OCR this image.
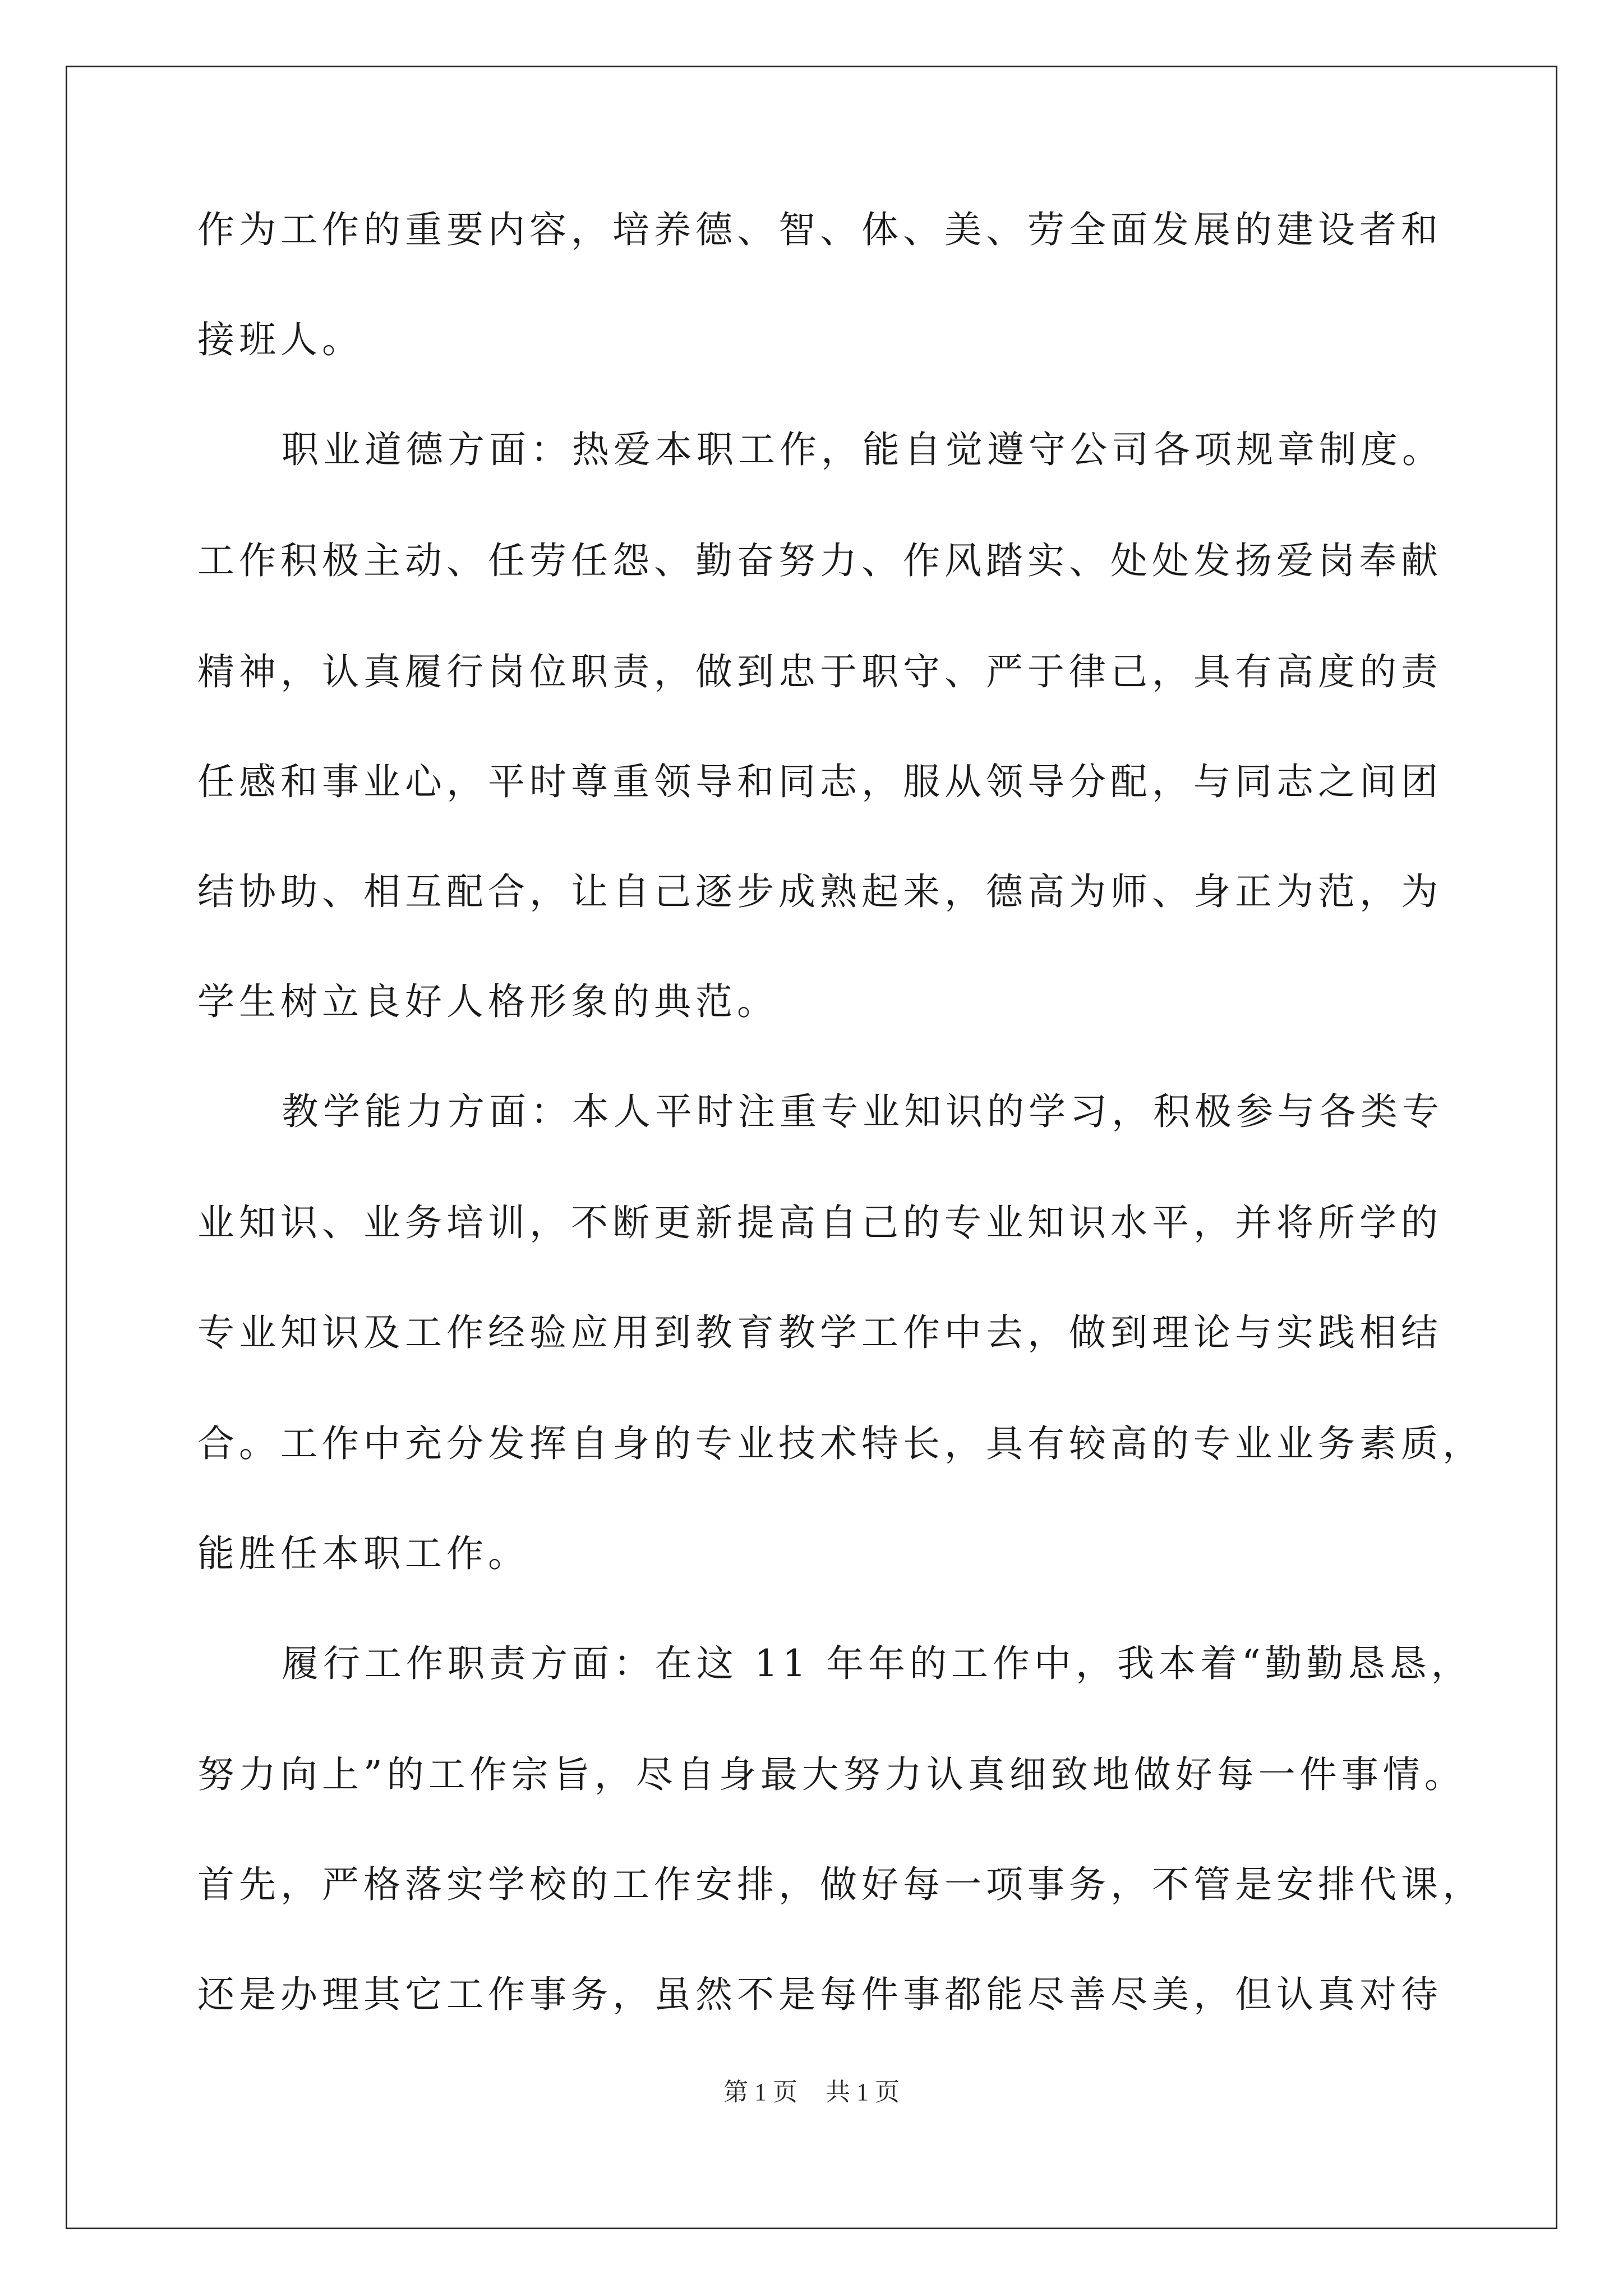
作为工作的重要内容，培养德、智、体、美、劳全面发展的建设者和
接班人。
职业道德方面：热爱本职工作，能自觉遵守公司各项规章制度。
工作积极主动、任劳任怨、勤奋努力、作风踏实、处处发扬爱岗奉献
精神，认真履行岗位职责，做到忠于职守、严于律己，具有高度的责
任感和事业心，平时尊重领导和同志，服从领导分配，与同志之间团
结协助、相互配合，让自己逐步成熟起来，德高为师、身正为范，为
学生树立良好人格形象的典范。
教学能力方面：本人平时注重专业知识的学习，积极参与各类专
业知识、业务培训，不断更新提高自己的专业知识水平，并将所学的
专业知识及工作经验应用到教育教学工作中去，做到理论与实践相结
合。工作中充分发挥自身的专业技术特长，具有较高的专业业务素质，
能胜任本职工作。
履行工作职责方面：在这 11 年年的工作中，我本着“勤勤恳恳，
努力向上”的工作宗旨，尽自身最大努力认真细致地做好每一件事情。
首先，严格落实学校的工作安排，做好每一项事务，不管是安排代课，
还是办理其它工作事务，虽然不是每件事都能尽善尽美，但认真对待
第 1 页 共 1 页
